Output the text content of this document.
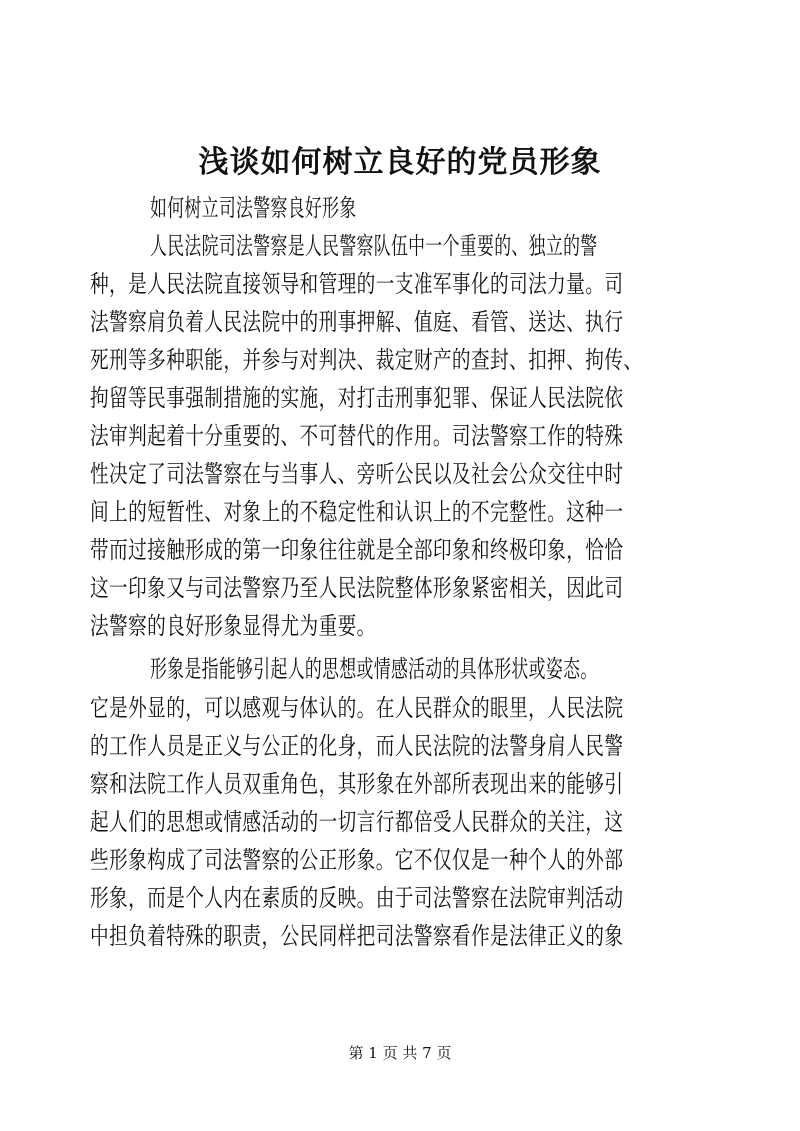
浅谈如何树立良好的党员形象
如何树立司法警察良好形象
人民法院司法警察是人民警察队伍中一个重要的、独立的警
种，是人民法院直接领导和管理的一支准军事化的司法力量。司
法警察肩负着人民法院中的刑事押解、值庭、看管、送达、执行
死刑等多种职能，并参与对判决、裁定财产的查封、扣押、拘传、
拘留等民事强制措施的实施，对打击刑事犯罪、保证人民法院依
法审判起着十分重要的、不可替代的作用。司法警察工作的特殊
性决定了司法警察在与当事人、旁听公民以及社会公众交往中时
间上的短暂性、对象上的不稳定性和认识上的不完整性。这种一
带而过接触形成的第一印象往往就是全部印象和终极印象，恰恰
这一印象又与司法警察乃至人民法院整体形象紧密相关，因此司
法警察的良好形象显得尤为重要。
形象是指能够引起人的思想或情感活动的具体形状或姿态。
它是外显的，可以感观与体认的。在人民群众的眼里，人民法院
的工作人员是正义与公正的化身，而人民法院的法警身肩人民警
察和法院工作人员双重角色，其形象在外部所表现出来的能够引
起人们的思想或情感活动的一切言行都倍受人民群众的关注，这
些形象构成了司法警察的公正形象。它不仅仅是一种个人的外部
形象，而是个人内在素质的反映。由于司法警察在法院审判活动
中担负着特殊的职责，公民同样把司法警察看作是法律正义的象
第 1 页 共 7 页
